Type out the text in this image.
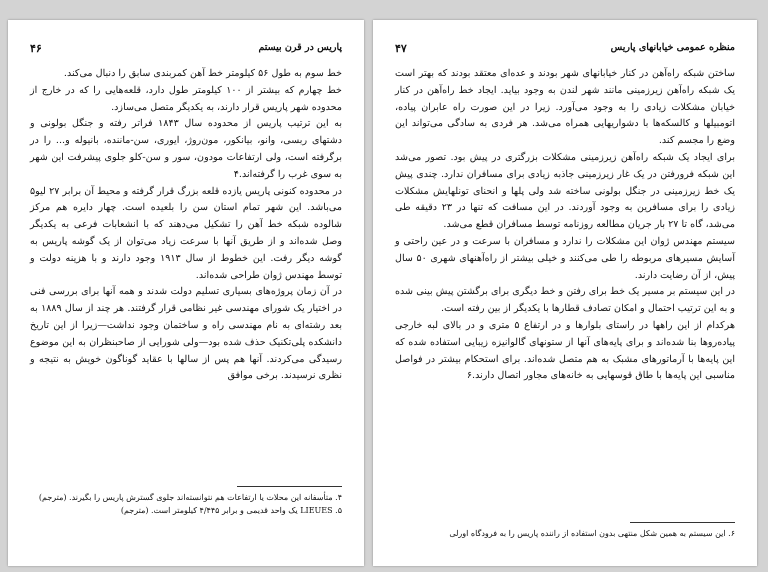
پاریس در قرن بیستم
۴۶

خط سوم به طول ۵۶ کیلومتر خط آهن کمربندی سابق را دنبال می‌کند.

خط چهارم که بیشتر از ۱۰۰ کیلومتر طول دارد، قلعه‌هایی را که در خارج از محدوده شهر پاریس قرار دارند، به یکدیگر متصل می‌سازد.

به این ترتیب پاریس از محدوده سال ۱۸۴۳ فراتر رفته و جنگل بولونی و دشتهای ربسی، وانو، بیانکور، مون‌روژ، ایوری، سن-ماننده، بانیوله و... را در برگرفته است، ولی ارتفاعات مودون، سور و سن-کلو جلوی پیشرفت این شهر به سوی غرب را گرفته‌اند.۴

در محدوده کنونی پاریس یازده قلعه بزرگ قرار گرفته و محیط آن برابر ۲۷ لیو۵ می‌باشد. این شهر تمام استان سن را بلعیده است. چهار دایره هم مرکز شالوده شبکه خط آهن را تشکیل می‌دهند که با انشعابات فرعی به یکدیگر وصل شده‌اند و از طریق آنها با سرعت زیاد می‌توان از یک گوشه پاریس به گوشه دیگر رفت. این خطوط از سال ۱۹۱۳ وجود دارند و با هزینه دولت و توسط مهندس ژوان طراحی شده‌اند.

در آن زمان پروژه‌های بسیاری تسلیم دولت شدند و همه آنها برای بررسی فنی در اختیار یک شورای مهندسی غیر نظامی قرار گرفتند. هر چند از سال ۱۸۸۹ به بعد رشته‌ای به نام مهندسی راه و ساختمان وجود نداشت—زیرا از این تاریخ دانشکده پلی‌تکنیک حذف شده بود—ولی شورایی از صاحبنظران به این موضوع رسیدگی می‌کردند. آنها هم پس از سالها با عقاید گوناگون خویش به نتیجه و نظری نرسیدند. برخی موافق

۴. متأسفانه این محلات یا ارتفاعات هم نتوانسته‌اند جلوی گسترش پاریس را بگیرند. (مترجم)

۵. LIEUES یک واحد قدیمی و برابر ۴/۴۴۵ کیلومتر است. (مترجم)

منظره عمومی خیابانهای پاریس
۴۷

ساختن شبکه راه‌آهن در کنار خیابانهای شهر بودند و عده‌ای معتقد بودند که بهتر است یک شبکه راه‌آهن زیرزمینی مانند شهر لندن به وجود بیاید. ایجاد خط راه‌آهن در کنار خیابان مشکلات زیادی را به وجود می‌آورد. زیرا در این صورت راه عابران پیاده، اتومبیلها و کالسکه‌ها با دشواریهایی همراه می‌شد. هر فردی به سادگی می‌تواند این وضع را مجسم کند.

برای ایجاد یک شبکه راه‌آهن زیرزمینی مشکلات بزرگتری در پیش بود. تصور می‌شد این شبکه فرورفتن در یک غار زیرزمینی جاذبه زیادی برای مسافران ندارد. چندی پیش یک خط زیرزمینی در جنگل بولونی ساخته شد ولی پلها و انحنای تونلهایش مشکلات زیادی را برای مسافرین به وجود آوردند. در این مسافت که تنها در ۲۳ دقیقه طی می‌شد، گاه تا ۲۷ بار جریان مطالعه روزنامه توسط مسافران قطع می‌شد.

سیستم مهندس ژوان این مشکلات را ندارد و مسافران با سرعت و در عین راحتی و آسایش مسیرهای مربوطه را طی می‌کنند و خیلی بیشتر از راه‌آهنهای شهری ۵۰ سال پیش، از آن رضایت دارند.

در این سیستم بر مسیر یک خط برای رفتن و خط دیگری برای برگشتن پیش بینی شده و به این ترتیب احتمال و امکان تصادف قطارها با یکدیگر از بین رفته است.

هرکدام از این راهها در راستای بلوارها و در ارتفاع ۵ متری و در بالای لبه خارجی پیاده‌روها بنا شده‌اند و برای پایه‌های آنها از ستونهای گالوانیزه زیبایی استفاده شده که این پایه‌ها با آرماتورهای مشبک به هم متصل شده‌اند. برای استحکام بیشتر در فواصل مناسبی این پایه‌ها با طاق قوسهایی به خانه‌های مجاور اتصال دارند.۶

۶. این سیستم به همین شکل منتهی بدون استفاده از راننده پاریس را به فرودگاه اورلی
